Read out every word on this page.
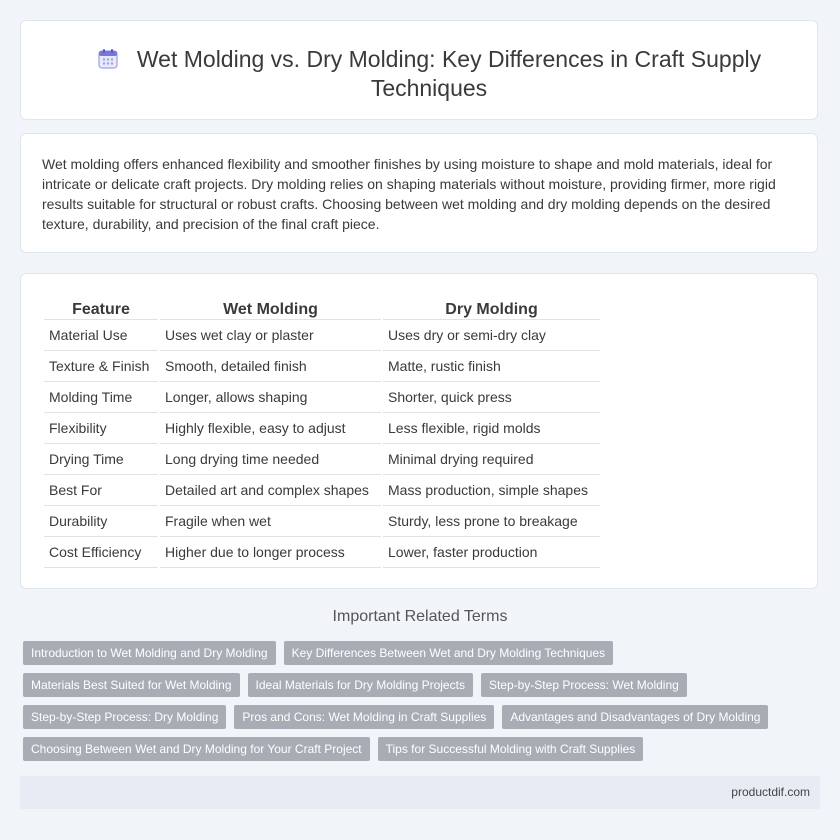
Wet Molding vs. Dry Molding: Key Differences in Craft Supply Techniques

Wet molding offers enhanced flexibility and smoother finishes by using moisture to shape and mold materials, ideal for intricate or delicate craft projects. Dry molding relies on shaping materials without moisture, providing firmer, more rigid results suitable for structural or robust crafts. Choosing between wet molding and dry molding depends on the desired texture, durability, and precision of the final craft piece.

Feature	Wet Molding	Dry Molding
Material Use	Uses wet clay or plaster	Uses dry or semi-dry clay
Texture & Finish	Smooth, detailed finish	Matte, rustic finish
Molding Time	Longer, allows shaping	Shorter, quick press
Flexibility	Highly flexible, easy to adjust	Less flexible, rigid molds
Drying Time	Long drying time needed	Minimal drying required
Best For	Detailed art and complex shapes	Mass production, simple shapes
Durability	Fragile when wet	Sturdy, less prone to breakage
Cost Efficiency	Higher due to longer process	Lower, faster production
Important Related Terms
Introduction to Wet Molding and Dry Molding	Key Differences Between Wet and Dry Molding Techniques
Materials Best Suited for Wet Molding	Ideal Materials for Dry Molding Projects	Step-by-Step Process: Wet Molding
Step-by-Step Process: Dry Molding	Pros and Cons: Wet Molding in Craft Supplies	Advantages and Disadvantages of Dry Molding
Choosing Between Wet and Dry Molding for Your Craft Project	Tips for Successful Molding with Craft Supplies
productdif.com
